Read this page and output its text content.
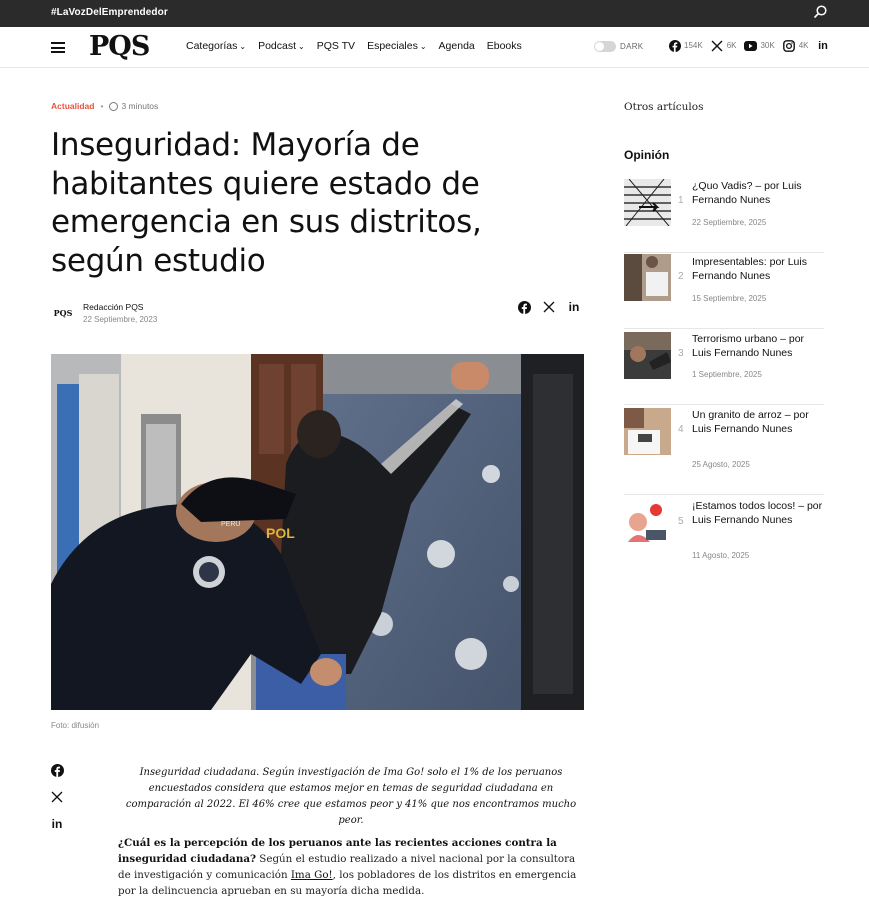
#LaVozDelEmprendedor
PQS	Categorías ⌄ Podcast ⌄ PQS TV Especiales ⌄ Agenda Ebooks	DARK	154K	6K	30K	4K in
Actualidad • 3 minutos
Inseguridad: Mayoría de habitantes quiere estado de emergencia en sus distritos, según estudio
PQS
Redacción PQS
22 Septiembre, 2023
in
POL
PERU
Foto: difusión
in
Inseguridad ciudadana. Según investigación de Ima Go! solo el 1% de los peruanos encuestados considera que estamos mejor en temas de seguridad ciudadana en comparación al 2022. El 46% cree que estamos peor y 41% que nos encontramos mucho peor.
¿Cuál es la percepción de los peruanos ante las recientes acciones contra la inseguridad ciudadana? Según el estudio realizado a nivel nacional por la consultora de investigación y comunicación Ima Go!, los pobladores de los distritos en emergencia por la delincuencia aprueban en su mayoría dicha medida.
Otros artículos
Opinión
1
¿Quo Vadis? – por Luis Fernando Nunes
22 Septiembre, 2025
2
Impresentables: por Luis Fernando Nunes
15 Septiembre, 2025
3
Terrorismo urbano – por Luis Fernando Nunes
1 Septiembre, 2025
4
Un granito de arroz – por Luis Fernando Nunes
25 Agosto, 2025
5
¡Estamos todos locos! – por Luis Fernando Nunes
11 Agosto, 2025
